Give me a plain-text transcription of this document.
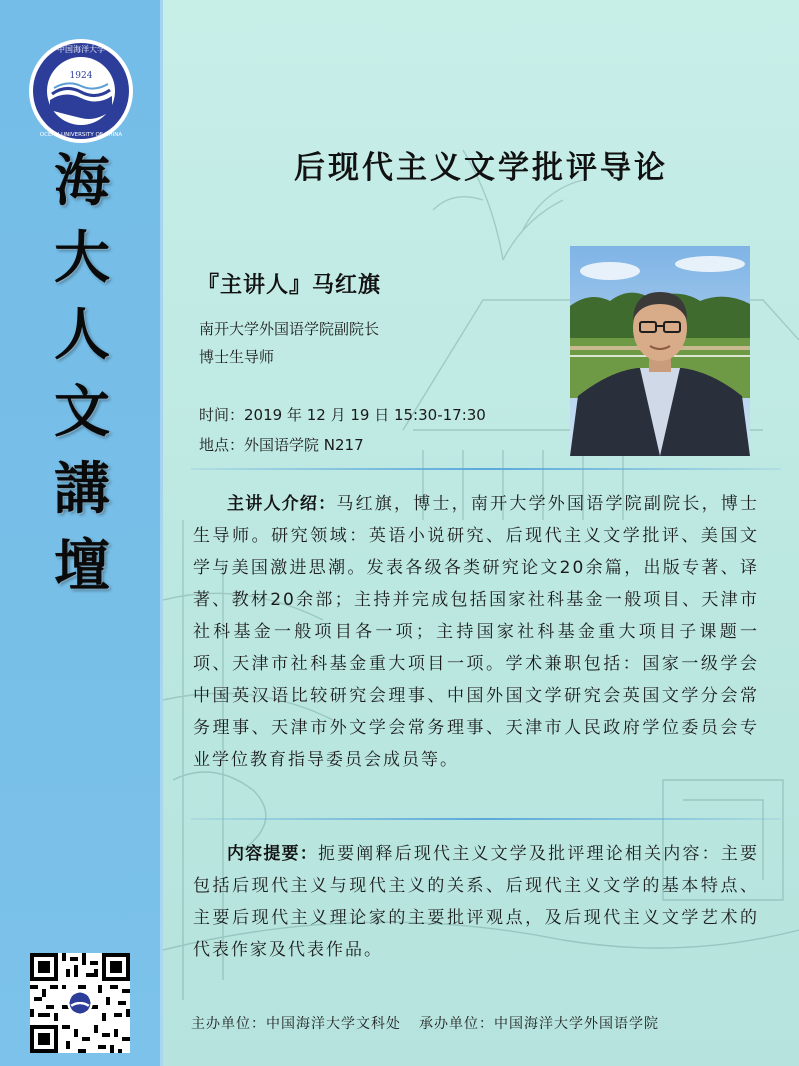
1924
中国海洋大学
OCEAN UNIVERSITY OF CHINA
海
大
人
文
講
壇
后现代主义文学批评导论
『主讲人』马红旗
南开大学外国语学院副院长
博士生导师
时间：2019 年 12 月 19 日 15:30-17:30
地点：外国语学院 N217
主讲人介绍：马红旗，博士，南开大学外国语学院副院长，博士生导师。研究领域：英语小说研究、后现代主义文学批评、美国文学与美国激进思潮。发表各级各类研究论文20余篇，出版专著、译著、教材20余部；主持并完成包括国家社科基金一般项目、天津市社科基金一般项目各一项；主持国家社科基金重大项目子课题一项、天津市社科基金重大项目一项。学术兼职包括：国家一级学会中国英汉语比较研究会理事、中国外国文学研究会英国文学分会常务理事、天津市外文学会常务理事、天津市人民政府学位委员会专业学位教育指导委员会成员等。
内容提要：扼要阐释后现代主义文学及批评理论相关内容：主要包括后现代主义与现代主义的关系、后现代主义文学的基本特点、主要后现代主义理论家的主要批评观点，及后现代主义文学艺术的代表作家及代表作品。
主办单位：中国海洋大学文科处 承办单位：中国海洋大学外国语学院
